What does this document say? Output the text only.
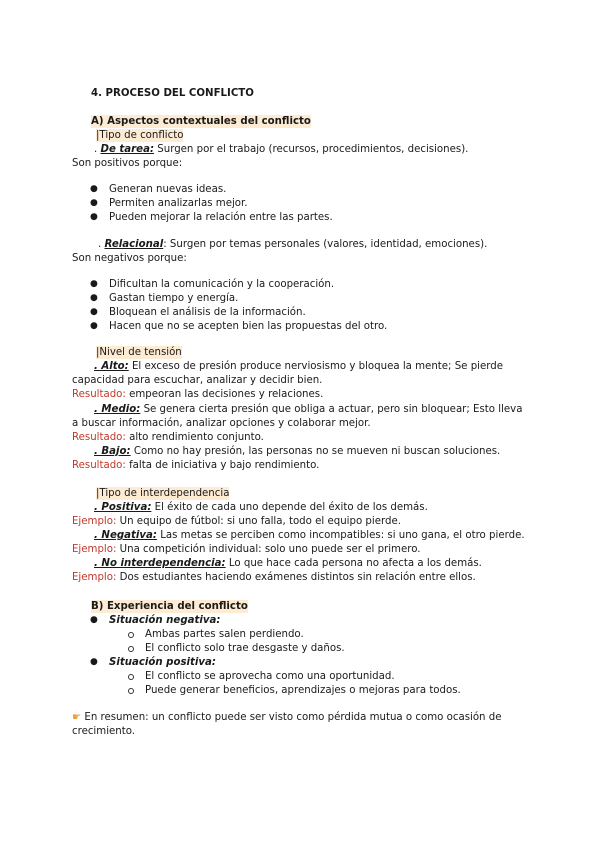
4. PROCESO DEL CONFLICTO
A) Aspectos contextuales del conflicto
|Tipo de conflicto
. De tarea: Surgen por el trabajo (recursos, procedimientos, decisiones).
Son positivos porque:
● Generan nuevas ideas.
● Permiten analizarlas mejor.
● Pueden mejorar la relación entre las partes.
. Relacional: Surgen por temas personales (valores, identidad, emociones).
Son negativos porque:
● Dificultan la comunicación y la cooperación.
● Gastan tiempo y energía.
● Bloquean el análisis de la información.
● Hacen que no se acepten bien las propuestas del otro.
|Nivel de tensión
. Alto: El exceso de presión produce nerviosismo y bloquea la mente; Se pierde
capacidad para escuchar, analizar y decidir bien.
Resultado: empeoran las decisiones y relaciones.
. Medio: Se genera cierta presión que obliga a actuar, pero sin bloquear; Esto lleva
a buscar información, analizar opciones y colaborar mejor.
Resultado: alto rendimiento conjunto.
. Bajo: Como no hay presión, las personas no se mueven ni buscan soluciones.
Resultado: falta de iniciativa y bajo rendimiento.
|Tipo de interdependencia
. Positiva: El éxito de cada uno depende del éxito de los demás.
Ejemplo: Un equipo de fútbol: si uno falla, todo el equipo pierde.
. Negativa: Las metas se perciben como incompatibles: si uno gana, el otro pierde.
Ejemplo: Una competición individual: solo uno puede ser el primero.
. No interdependencia: Lo que hace cada persona no afecta a los demás.
Ejemplo: Dos estudiantes haciendo exámenes distintos sin relación entre ellos.
B) Experiencia del conflicto
● Situación negativa:
Ambas partes salen perdiendo.
El conflicto solo trae desgaste y daños.
● Situación positiva:
El conflicto se aprovecha como una oportunidad.
Puede generar beneficios, aprendizajes o mejoras para todos.
☛ En resumen: un conflicto puede ser visto como pérdida mutua o como ocasión de
crecimiento.
